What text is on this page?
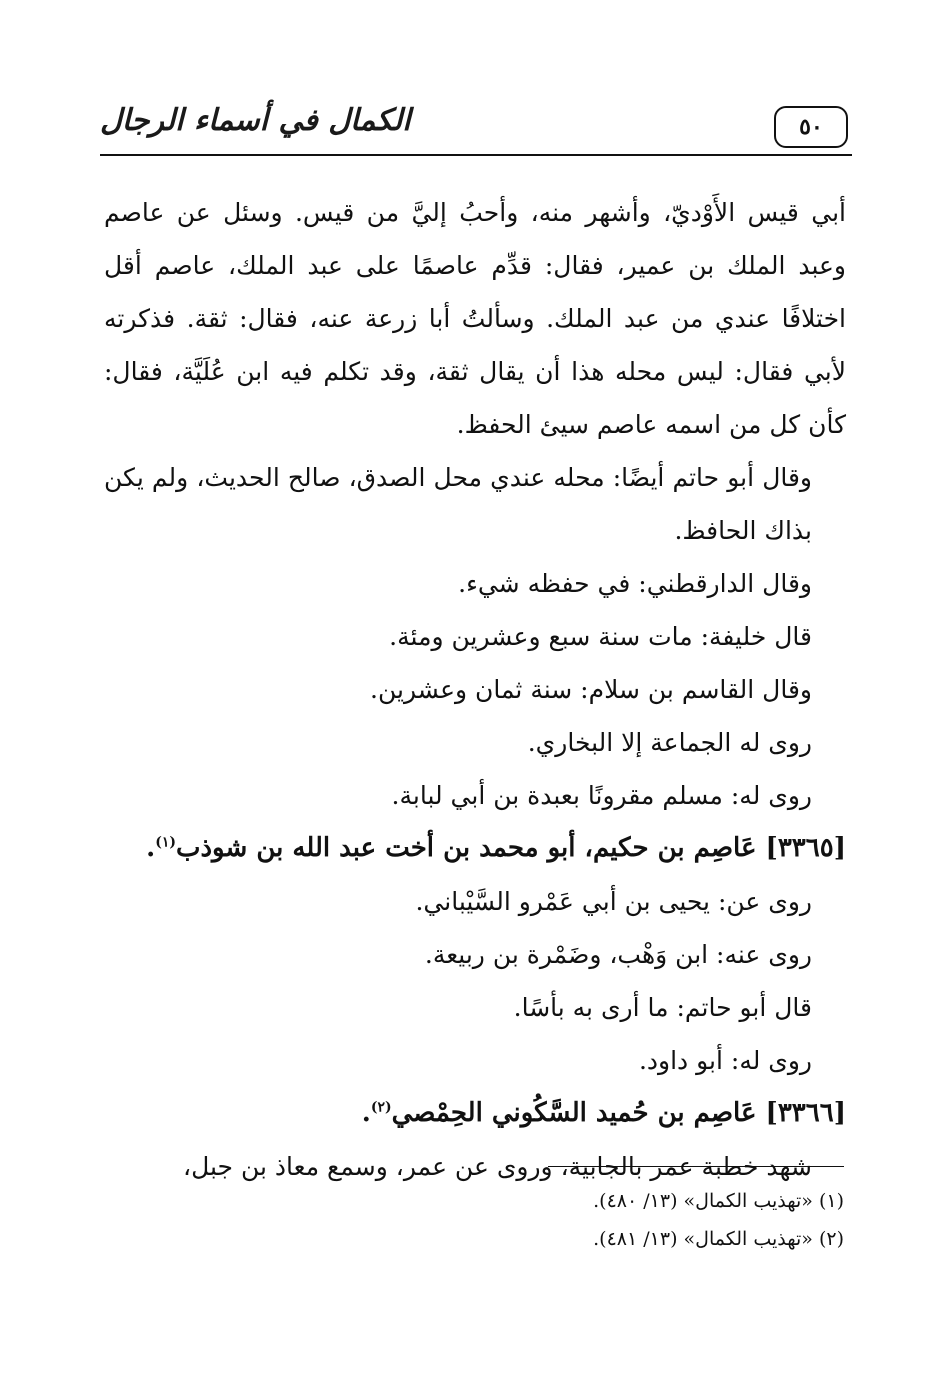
الكمال في أسماء الرجال	٥٠

أبي قيس الأَوْديّ، وأشهر منه، وأحبُ إليَّ من قيس. وسئل عن عاصم وعبد الملك بن عمير، فقال: قدِّم عاصمًا على عبد الملك، عاصم أقل اختلافًا عندي من عبد الملك. وسألتُ أبا زرعة عنه، فقال: ثقة. فذكرته لأبي فقال: ليس محله هذا أن يقال ثقة، وقد تكلم فيه ابن عُلَيَّة، فقال: كأن كل من اسمه عاصم سيئ الحفظ.

وقال أبو حاتم أيضًا: محله عندي محل الصدق، صالح الحديث، ولم يكن بذاك الحافظ.

وقال الدارقطني: في حفظه شيء.

قال خليفة: مات سنة سبع وعشرين ومئة.

وقال القاسم بن سلام: سنة ثمان وعشرين.

روى له الجماعة إلا البخاري.

روى له: مسلم مقرونًا بعبدة بن أبي لبابة.

[٣٣٦٥] عَاصِم بن حكيم، أبو محمد بن أخت عبد الله بن شوذب$^{(١)}$.

روى عن: يحيى بن أبي عَمْرو السَّيْباني.

روى عنه: ابن وَهْب، وضَمْرة بن ربيعة.

قال أبو حاتم: ما أرى به بأسًا.

روى له: أبو داود.

[٣٣٦٦] عَاصِم بن حُميد السَّكُوني الحِمْصي$^{(٢)}$.

شهد خطبة عمر بالجابية، وروى عن عمر، وسمع معاذ بن جبل،

(١) «تهذيب الكمال» (١٣/ ٤٨٠).

(٢) «تهذيب الكمال» (١٣/ ٤٨١).
